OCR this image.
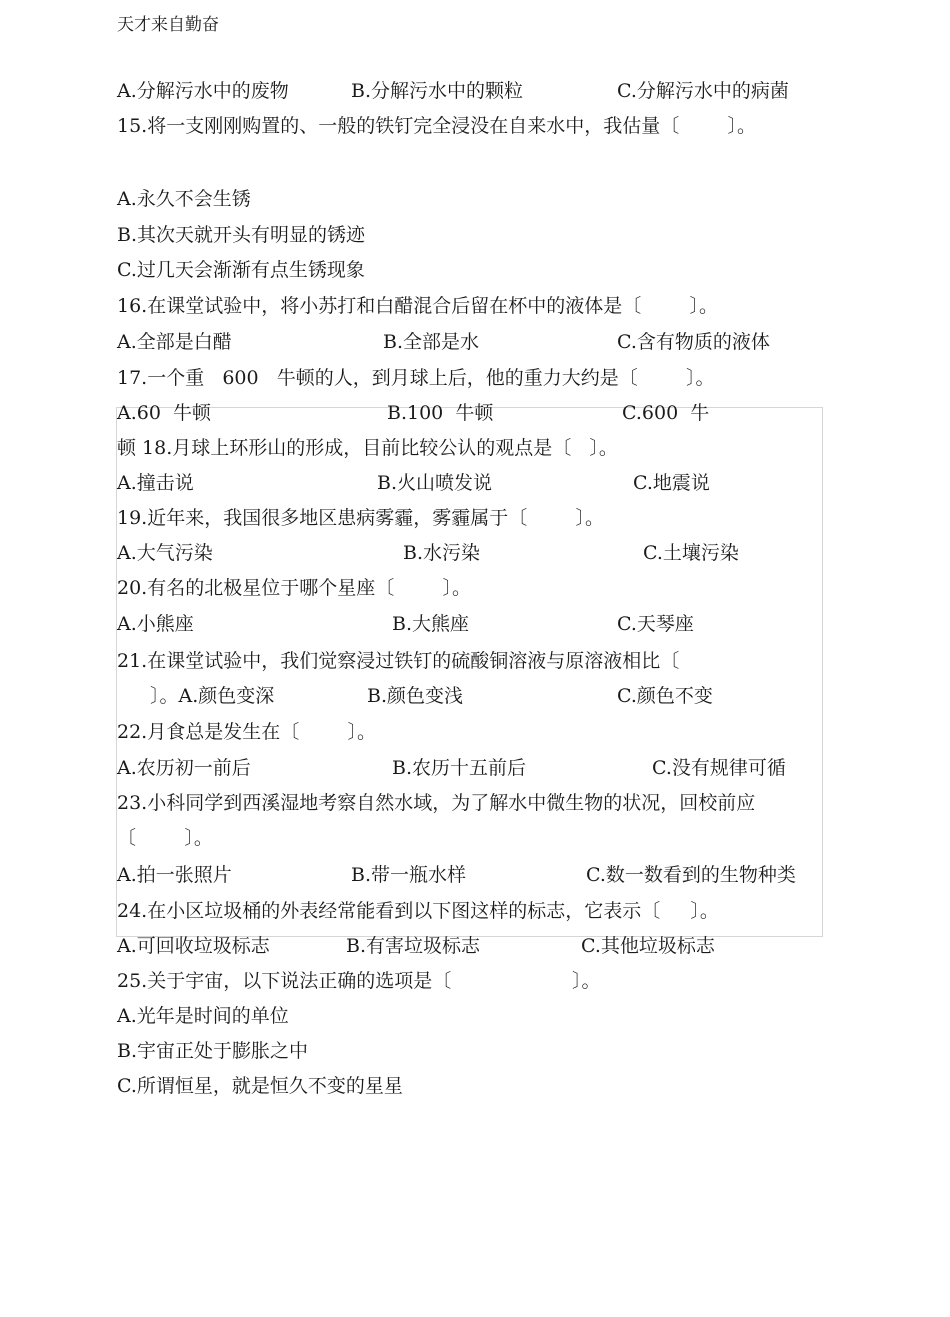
天才来自勤奋
A.分解污水中的废物	B.分解污水中的颗粒	C.分解污水中的病菌
15.将一支刚刚购置的、一般的铁钉完全浸没在自来水中，我估量〔        〕。
A.永久不会生锈
B.其次天就开头有明显的锈迹
C.过几天会渐渐有点生锈现象
16.在课堂试验中，将小苏打和白醋混合后留在杯中的液体是〔        〕。
A.全部是白醋	B.全部是水	C.含有物质的液体
17.一个重   600   牛顿的人，到月球上后，他的重力大约是〔        〕。
A.60  牛顿	B.100  牛顿	C.600  牛
顿 18.月球上环形山的形成，目前比较公认的观点是〔   〕。
A.撞击说	B.火山喷发说	C.地震说
19.近年来，我国很多地区患病雾霾，雾霾属于〔        〕。
A.大气污染	B.水污染	C.土壤污染
20.有名的北极星位于哪个星座〔        〕。
A.小熊座	B.大熊座	C.天琴座
21.在课堂试验中，我们觉察浸过铁钉的硫酸铜溶液与原溶液相比〔
〕。A.颜色变深	B.颜色变浅	C.颜色不变
22.月食总是发生在〔        〕。
A.农历初一前后	B.农历十五前后	C.没有规律可循
23.小科同学到西溪湿地考察自然水域，为了解水中微生物的状况，回校前应
〔        〕。
A.拍一张照片	B.带一瓶水样	C.数一数看到的生物种类
24.在小区垃圾桶的外表经常能看到以下图这样的标志，它表示〔     〕。
A.可回收垃圾标志	B.有害垃圾标志	C.其他垃圾标志
25.关于宇宙，以下说法正确的选项是〔                    〕。
A.光年是时间的单位
B.宇宙正处于膨胀之中
C.所谓恒星，就是恒久不变的星星
